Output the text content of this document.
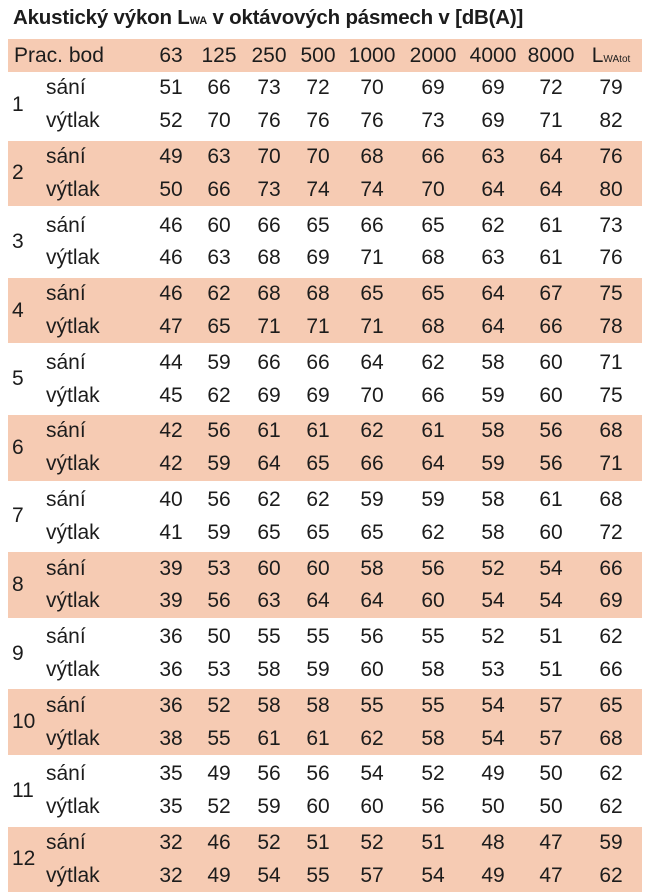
Akustický výkon LWA v oktávových pásmech v [dB(A)]
Prac. bod		63	125	250	500	1000	2000	4000	8000	LWAtot
1	sání	51	66	73	72	70	69	69	72	79
	výtlak	52	70	76	76	76	73	69	71	82
2	sání	49	63	70	70	68	66	63	64	76
	výtlak	50	66	73	74	74	70	64	64	80
3	sání	46	60	66	65	66	65	62	61	73
	výtlak	46	63	68	69	71	68	63	61	76
4	sání	46	62	68	68	65	65	64	67	75
	výtlak	47	65	71	71	71	68	64	66	78
5	sání	44	59	66	66	64	62	58	60	71
	výtlak	45	62	69	69	70	66	59	60	75
6	sání	42	56	61	61	62	61	58	56	68
	výtlak	42	59	64	65	66	64	59	56	71
7	sání	40	56	62	62	59	59	58	61	68
	výtlak	41	59	65	65	65	62	58	60	72
8	sání	39	53	60	60	58	56	52	54	66
	výtlak	39	56	63	64	64	60	54	54	69
9	sání	36	50	55	55	56	55	52	51	62
	výtlak	36	53	58	59	60	58	53	51	66
10	sání	36	52	58	58	55	55	54	57	65
	výtlak	38	55	61	61	62	58	54	57	68
11	sání	35	49	56	56	54	52	49	50	62
	výtlak	35	52	59	60	60	56	50	50	62
12	sání	32	46	52	51	52	51	48	47	59
	výtlak	32	49	54	55	57	54	49	47	62
